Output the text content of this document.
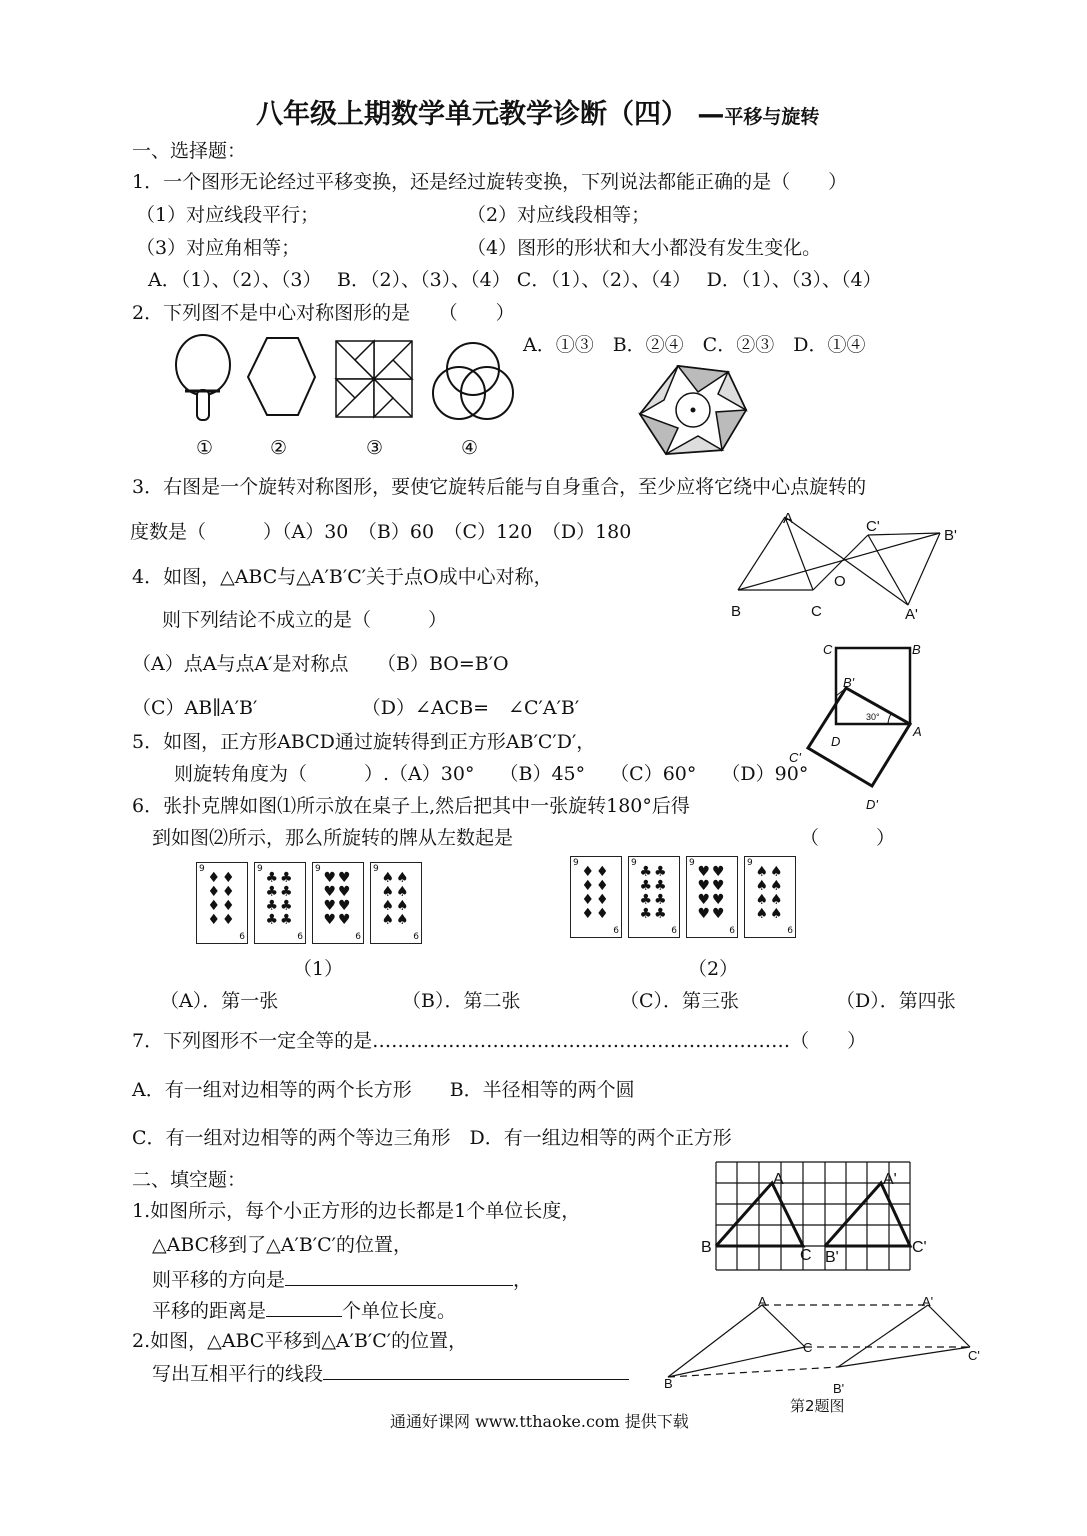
八年级上期数学单元教学诊断（四） —平移与旋转
一、选择题：
1．一个图形无论经过平移变换，还是经过旋转变换，下列说法都能正确的是（　　）
（1）对应线段平行；	（2）对应线段相等；
（3）对应角相等；	（4）图形的形状和大小都没有发生变化。
A．（1）、（2）、（3）　 B．（2）、（3）、（4） C．（1）、（2）、（4）　 D．（1）、（3）、（4）
2．下列图不是中心对称图形的是　　（　　）
A．①③　B．②④　C．②③　D．①④
①	②	③	④
3．右图是一个旋转对称图形，要使它旋转后能与自身重合，至少应将它绕中心点旋转的
度数是（　　　）（A）30　（B）60　（C）120　（D）180
A	C'
B'
O
B	C	A'
4．如图，△ABC与△A′B′C′关于点O成中心对称，
则下列结论不成立的是（　　　）
（A）点A与点A′是对称点　　（B）BO=B′O
（C）AB∥A′B′　　　　　　（D）∠ACB=　∠C′A′B′
C	B
B'
30°
A
D
C'
D'
5．如图，正方形ABCD通过旋转得到正方形AB′C′D′，
则旋转角度为（　　　）.（A）30°　 （B）45°　 （C）60°　 （D）90°
6．张扑克牌如图⑴所示放在桌子上,然后把其中一张旋转180°后得
到如图⑵所示，那么所旋转的牌从左数起是	（　　　）
9
♦♦ ♦♦ ♦♦ ♦♦
6
9
♣♣ ♣♣ ♣♣ ♣♣
6
9
♥♥ ♥♥ ♥♥ ♥♥
6
9
♠♠ ♠♠ ♠♠ ♠♠
6
9
♦♦ ♦♦ ♦♦ ♦♦
6
9
♣♣ ♣♣ ♣♣ ♣♣
6
9
♥♥ ♥♥ ♥♥ ♥♥
6
9
♠♠ ♠♠ ♠♠ ♠♠
6
（1）	（2）
（A）．第一张	（B）．第二张	（C）．第三张	（D）．第四张
7．下列图形不一定全等的是…………………………………………………………（　　）
A．有一组对边相等的两个长方形　　B．半径相等的两个圆
C．有一组对边相等的两个等边三角形　D．有一组边相等的两个正方形
二、填空题：	A	A'
B	C B'
C'
1.如图所示，每个小正方形的边长都是1个单位长度，
△ABC移到了△A′B′C′的位置，
则平移的方向是	，
平移的距离是	个单位长度。	A	A'
C
C'
B	B'
第2题图
2.如图，△ABC平移到△A′B′C′的位置，
写出互相平行的线段
通通好课网 www.tthaoke.com 提供下载
